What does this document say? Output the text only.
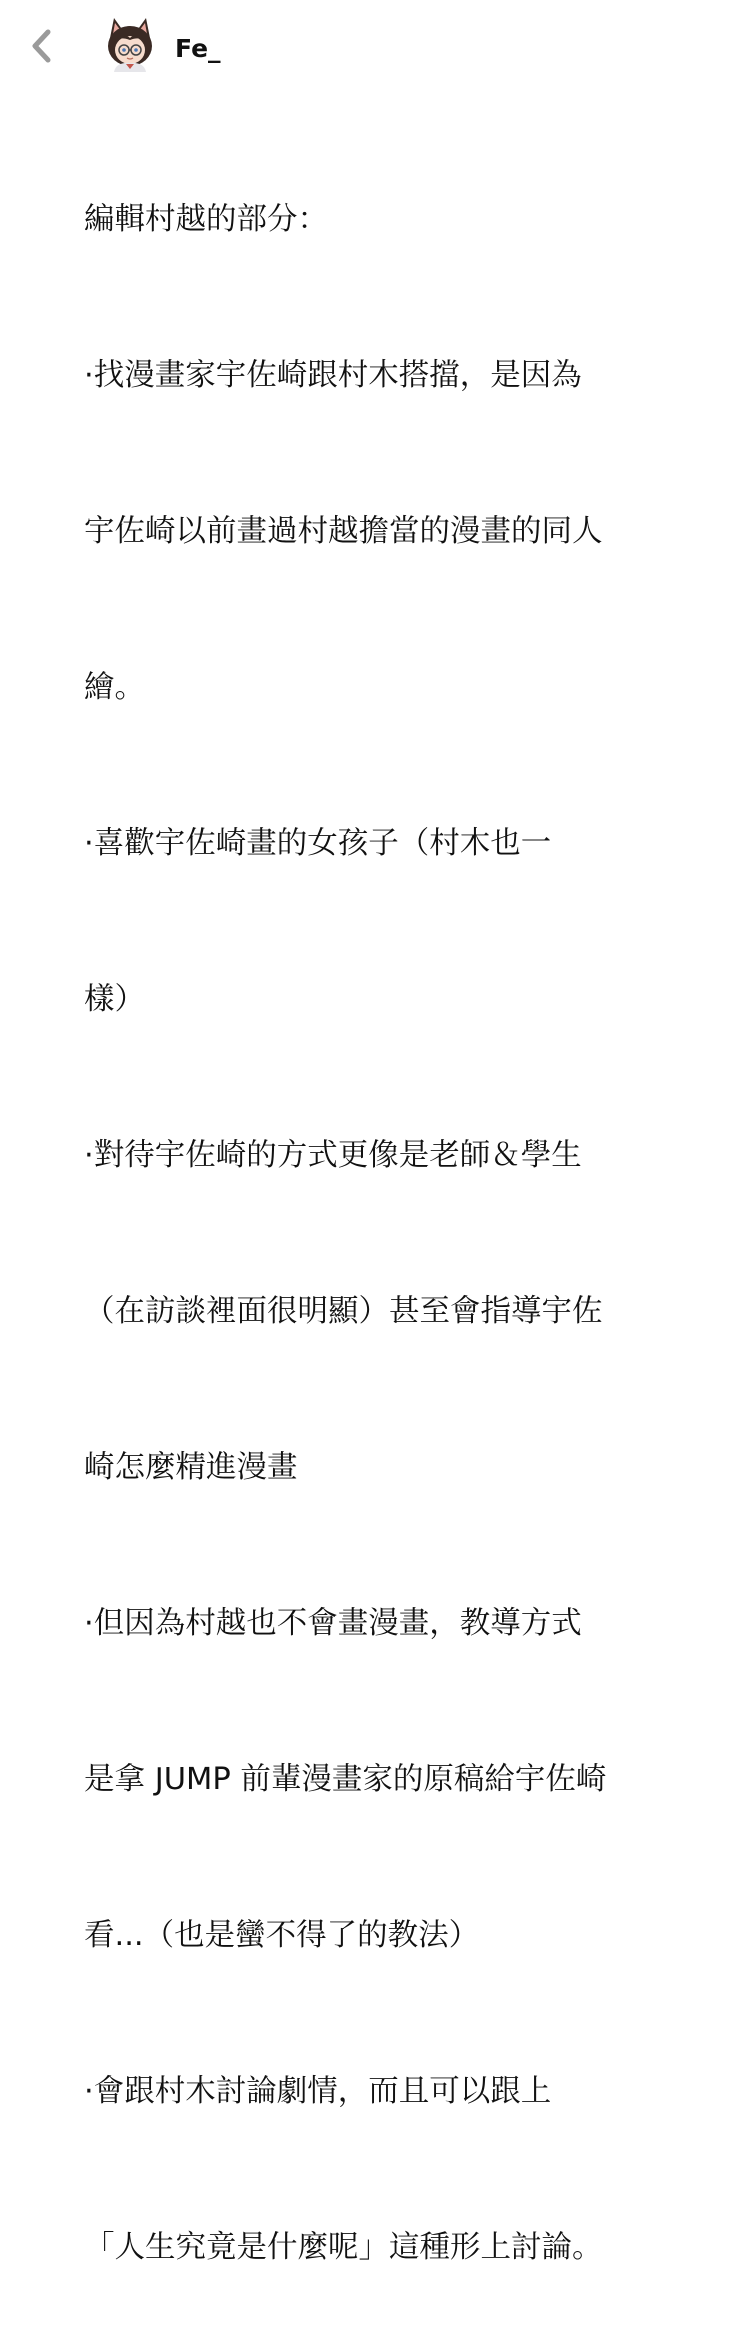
Fe_

編輯村越的部分：

·找漫畫家宇佐崎跟村木搭擋，是因為

宇佐崎以前畫過村越擔當的漫畫的同人

繪。

·喜歡宇佐崎畫的女孩子（村木也一

樣）

·對待宇佐崎的方式更像是老師＆學生

（在訪談裡面很明顯）甚至會指導宇佐

崎怎麼精進漫畫

·但因為村越也不會畫漫畫，教導方式

是拿 JUMP 前輩漫畫家的原稿給宇佐崎

看...（也是蠻不得了的教法）

·會跟村木討論劇情，而且可以跟上

「人生究竟是什麼呢」這種形上討論。
